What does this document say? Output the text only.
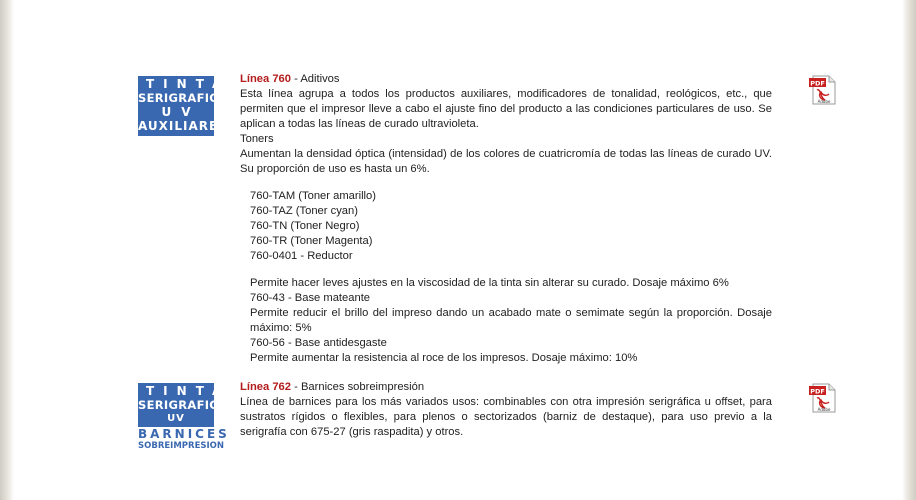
TINTA
SERIGRAFICA
UV
AUXILIARES

Línea 760 - Aditivos

Esta línea agrupa a todos los productos auxiliares, modificadores de tonalidad, reológicos, etc., que permiten que el impresor lleve a cabo el ajuste fino del producto a las condiciones particulares de uso. Se aplican a todas las líneas de curado ultravioleta.

Toners

Aumentan la densidad óptica (intensidad) de los colores de cuatricromía de todas las líneas de curado UV. Su proporción de uso es hasta un 6%.

760-TAM (Toner amarillo)
760-TAZ (Toner cyan)
760-TN (Toner Negro)
760-TR (Toner Magenta)
760-0401 - Reductor

Permite hacer leves ajustes en la viscosidad de la tinta sin alterar su curado. Dosaje máximo 6%

760-43 - Base mateante

Permite reducir el brillo del impreso dando un acabado mate o semimate según la proporción. Dosaje máximo: 5%

760-56 - Base antidesgaste

Permite aumentar la resistencia al roce de los impresos. Dosaje máximo: 10%

PDF
Adobe
TINTA
SERIGRAFICA
UV
BARNICES
SOBREIMPRESION

Línea 762 - Barnices sobreimpresión

Línea de barnices para los más variados usos: combinables con otra impresión serigráfica u offset, para sustratos rígidos o flexibles, para plenos o sectorizados (barniz de destaque), para uso previo a la serigrafía con 675-27 (gris raspadita) y otros.

PDF
Adobe
